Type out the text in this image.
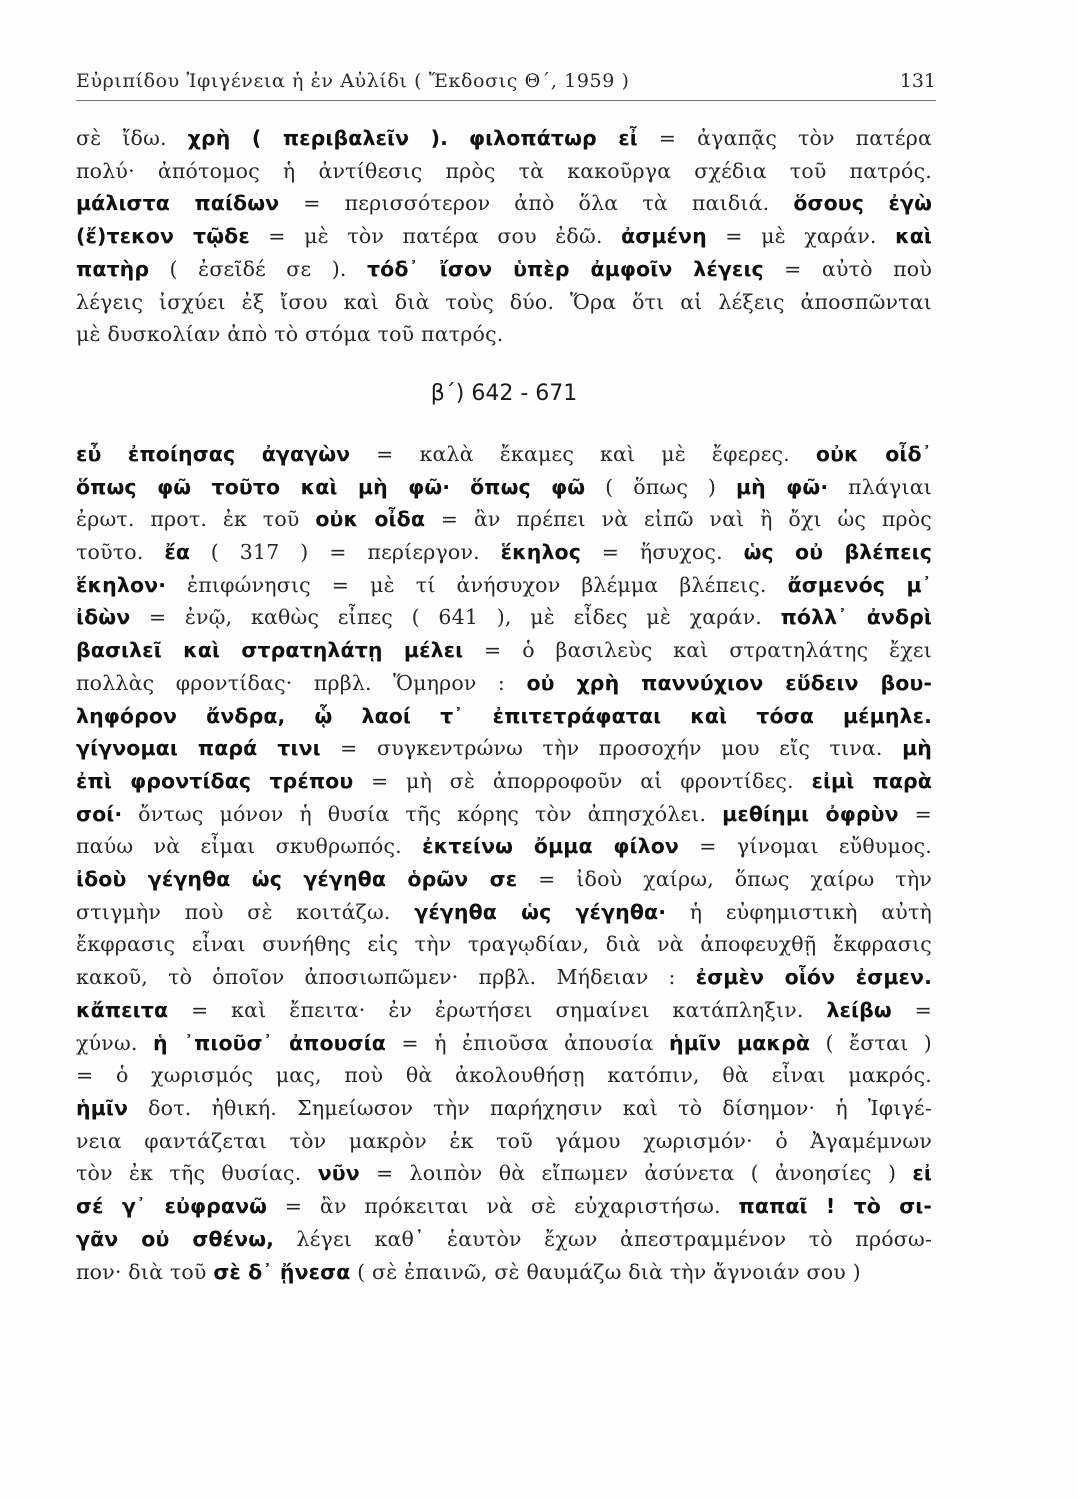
Εὐριπίδου Ἰφιγένεια ἡ ἐν Αὐλίδι ( Ἔκδοσις Θ΄, 1959 )	131

σὲ ἴδω. χρὴ ( περιβαλεῖν ). φιλοπάτωρ εἶ = ἀγαπᾷς τὸν πατέρα
πολύ· ἀπότομος ἡ ἀντίθεσις πρὸς τὰ κακοῦργα σχέδια τοῦ πατρός.
μάλιστα παίδων = περισσότερον ἀπὸ ὅλα τὰ παιδιά. ὅσους ἐγὼ
(ἔ)τεκον τῷδε = μὲ τὸν πατέρα σου ἐδῶ. ἀσμένη = μὲ χαράν. καὶ
πατὴρ ( ἐσεῖδέ σε ). τόδ᾽ ἴσον ὑπὲρ ἀμφοῖν λέγεις = αὐτὸ ποὺ
λέγεις ἰσχύει ἐξ ἴσου καὶ διὰ τοὺς δύο. Ὅρα ὅτι αἱ λέξεις ἀποσπῶνται
μὲ δυσκολίαν ἀπὸ τὸ στόμα τοῦ πατρός.

β΄) 642 - 671

εὖ ἐποίησας ἀγαγὼν = καλὰ ἔκαμες καὶ μὲ ἔφερες. οὐκ οἶδ᾽
ὅπως φῶ τοῦτο καὶ μὴ φῶ· ὅπως φῶ ( ὅπως ) μὴ φῶ· πλάγιαι
ἐρωτ. προτ. ἐκ τοῦ οὐκ οἶδα = ἂν πρέπει νὰ εἰπῶ ναὶ ἢ ὄχι ὡς πρὸς
τοῦτο. ἔα ( 317 ) = περίεργον. ἕκηλος = ἥσυχος. ὡς οὐ βλέπεις
ἕκηλον· ἐπιφώνησις = μὲ τί ἀνήσυχον βλέμμα βλέπεις. ἄσμενός μ᾽
ἰδὼν = ἐνῷ, καθὼς εἶπες ( 641 ), μὲ εἶδες μὲ χαράν. πόλλ᾽ ἀνδρὶ
βασιλεῖ καὶ στρατηλάτῃ μέλει = ὁ βασιλεὺς καὶ στρατηλάτης ἔχει
πολλὰς φροντίδας· πρβλ. Ὅμηρον : οὐ χρὴ παννύχιον εὕδειν βου-
ληφόρον ἄνδρα, ᾧ λαοί τ᾽ ἐπιτετράφαται καὶ τόσα μέμηλε.
γίγνομαι παρά τινι = συγκεντρώνω τὴν προσοχήν μου εἴς τινα. μὴ
ἐπὶ φροντίδας τρέπου = μὴ σὲ ἀπορροφοῦν αἱ φροντίδες. εἰμὶ παρὰ
σοί· ὄντως μόνον ἡ θυσία τῆς κόρης τὸν ἀπησχόλει. μεθίημι ὀφρὺν =
παύω νὰ εἶμαι σκυθρωπός. ἐκτείνω ὄμμα φίλον = γίνομαι εὔθυμος.
ἰδοὺ γέγηθα ὡς γέγηθα ὁρῶν σε = ἰδοὺ χαίρω, ὅπως χαίρω τὴν
στιγμὴν ποὺ σὲ κοιτάζω. γέγηθα ὡς γέγηθα· ἡ εὐφημιστικὴ αὐτὴ
ἔκφρασις εἶναι συνήθης εἰς τὴν τραγῳδίαν, διὰ νὰ ἀποφευχθῇ ἔκφρασις
κακοῦ, τὸ ὁποῖον ἀποσιωπῶμεν· πρβλ. Μήδειαν : ἐσμὲν οἷόν ἐσμεν.
κἄπειτα = καὶ ἔπειτα· ἐν ἐρωτήσει σημαίνει κατάπληξιν. λείβω =
χύνω. ἡ ᾽πιοῦσ᾽ ἀπουσία = ἡ ἐπιοῦσα ἀπουσία ἡμῖν μακρὰ ( ἔσται )
= ὁ χωρισμός μας, ποὺ θὰ ἀκολουθήσῃ κατόπιν, θὰ εἶναι μακρός.
ἡμῖν δοτ. ἠθική. Σημείωσον τὴν παρήχησιν καὶ τὸ δίσημον· ἡ Ἰφιγέ-
νεια φαντάζεται τὸν μακρὸν ἐκ τοῦ γάμου χωρισμόν· ὁ Ἀγαμέμνων
τὸν ἐκ τῆς θυσίας. νῦν = λοιπὸν θὰ εἴπωμεν ἀσύνετα ( ἀνοησίες ) εἰ
σέ γ᾽ εὐφρανῶ = ἂν πρόκειται νὰ σὲ εὐχαριστήσω. παπαῖ ! τὸ σι-
γᾶν οὐ σθένω, λέγει καθ᾽ ἑαυτὸν ἔχων ἀπεστραμμένον τὸ πρόσω-
πον· διὰ τοῦ σὲ δ᾽ ᾔνεσα ( σὲ ἐπαινῶ, σὲ θαυμάζω διὰ τὴν ἄγνοιάν σου )
